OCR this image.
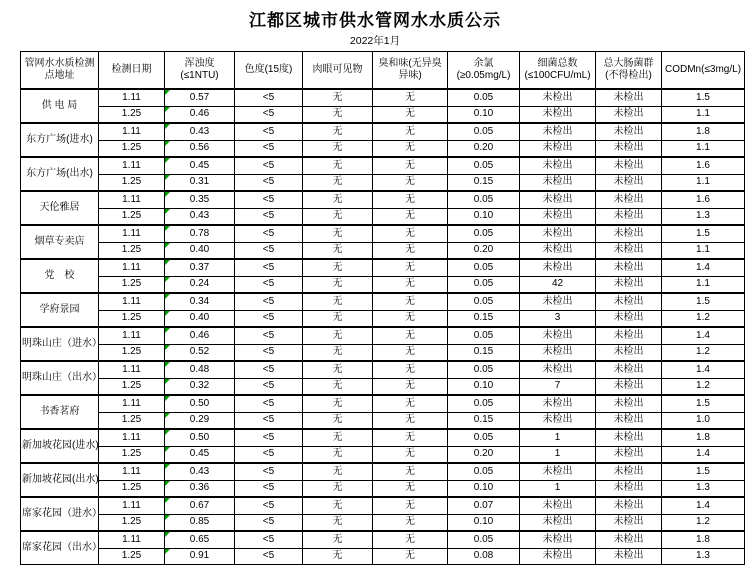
江都区城市供水管网水水质公示
2022年1月
管网水水质检测点地址	检测日期	浑浊度(≤1NTU)	色度(15度)	肉眼可见物	臭和味(无异臭异味)	余氯(≥0.05mg/L)	细菌总数(≤100CFU/mL)	总大肠菌群(不得检出)	CODMn(≤3mg/L)
供 电 局	1.11	0.57	<5	无	无	0.05	未检出	未检出	1.5
	1.25	0.46	<5	无	无	0.10	未检出	未检出	1.1
东方广场(进水)	1.11	0.43	<5	无	无	0.05	未检出	未检出	1.8
	1.25	0.56	<5	无	无	0.20	未检出	未检出	1.1
东方广场(出水)	1.11	0.45	<5	无	无	0.05	未检出	未检出	1.6
	1.25	0.31	<5	无	无	0.15	未检出	未检出	1.1
天伦雅居	1.11	0.35	<5	无	无	0.05	未检出	未检出	1.6
	1.25	0.43	<5	无	无	0.10	未检出	未检出	1.3
烟草专卖店	1.11	0.78	<5	无	无	0.05	未检出	未检出	1.5
	1.25	0.40	<5	无	无	0.20	未检出	未检出	1.1
党　校	1.11	0.37	<5	无	无	0.05	未检出	未检出	1.4
	1.25	0.24	<5	无	无	0.05	42	未检出	1.1
学府景园	1.11	0.34	<5	无	无	0.05	未检出	未检出	1.5
	1.25	0.40	<5	无	无	0.15	3	未检出	1.2
明珠山庄（进水）	1.11	0.46	<5	无	无	0.05	未检出	未检出	1.4
	1.25	0.52	<5	无	无	0.15	未检出	未检出	1.2
明珠山庄（出水）	1.11	0.48	<5	无	无	0.05	未检出	未检出	1.4
	1.25	0.32	<5	无	无	0.10	7	未检出	1.2
书香茗府	1.11	0.50	<5	无	无	0.05	未检出	未检出	1.5
	1.25	0.29	<5	无	无	0.15	未检出	未检出	1.0
新加坡花园(进水)	1.11	0.50	<5	无	无	0.05	1	未检出	1.8
	1.25	0.45	<5	无	无	0.20	1	未检出	1.4
新加坡花园(出水)	1.11	0.43	<5	无	无	0.05	未检出	未检出	1.5
	1.25	0.36	<5	无	无	0.10	1	未检出	1.3
席家花园（进水）	1.11	0.67	<5	无	无	0.07	未检出	未检出	1.4
	1.25	0.85	<5	无	无	0.10	未检出	未检出	1.2
席家花园（出水）	1.11	0.65	<5	无	无	0.05	未检出	未检出	1.8
	1.25	0.91	<5	无	无	0.08	未检出	未检出	1.3
